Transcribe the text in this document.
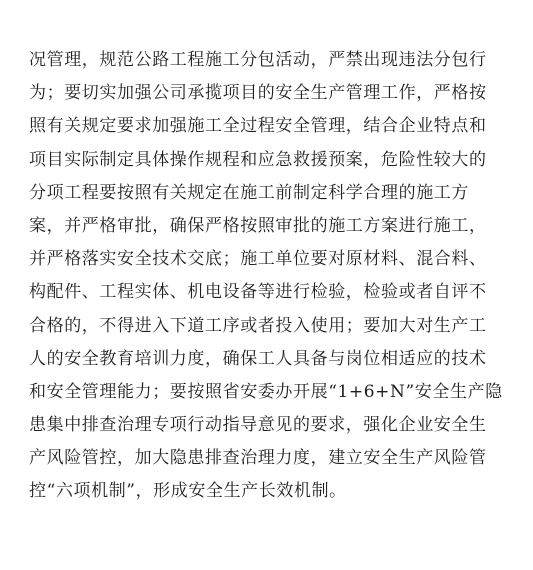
况管理，规范公路工程施工分包活动，严禁出现违法分包行
为；要切实加强公司承揽项目的安全生产管理工作，严格按
照有关规定要求加强施工全过程安全管理，结合企业特点和
项目实际制定具体操作规程和应急救援预案，危险性较大的
分项工程要按照有关规定在施工前制定科学合理的施工方
案，并严格审批，确保严格按照审批的施工方案进行施工，
并严格落实安全技术交底；施工单位要对原材料、混合料、
构配件、工程实体、机电设备等进行检验，检验或者自评不
合格的，不得进入下道工序或者投入使用；要加大对生产工
人的安全教育培训力度，确保工人具备与岗位相适应的技术
和安全管理能力；要按照省安委办开展“1+6+N”安全生产隐
患集中排查治理专项行动指导意见的要求，强化企业安全生
产风险管控，加大隐患排查治理力度，建立安全生产风险管
控“六项机制”，形成安全生产长效机制。
